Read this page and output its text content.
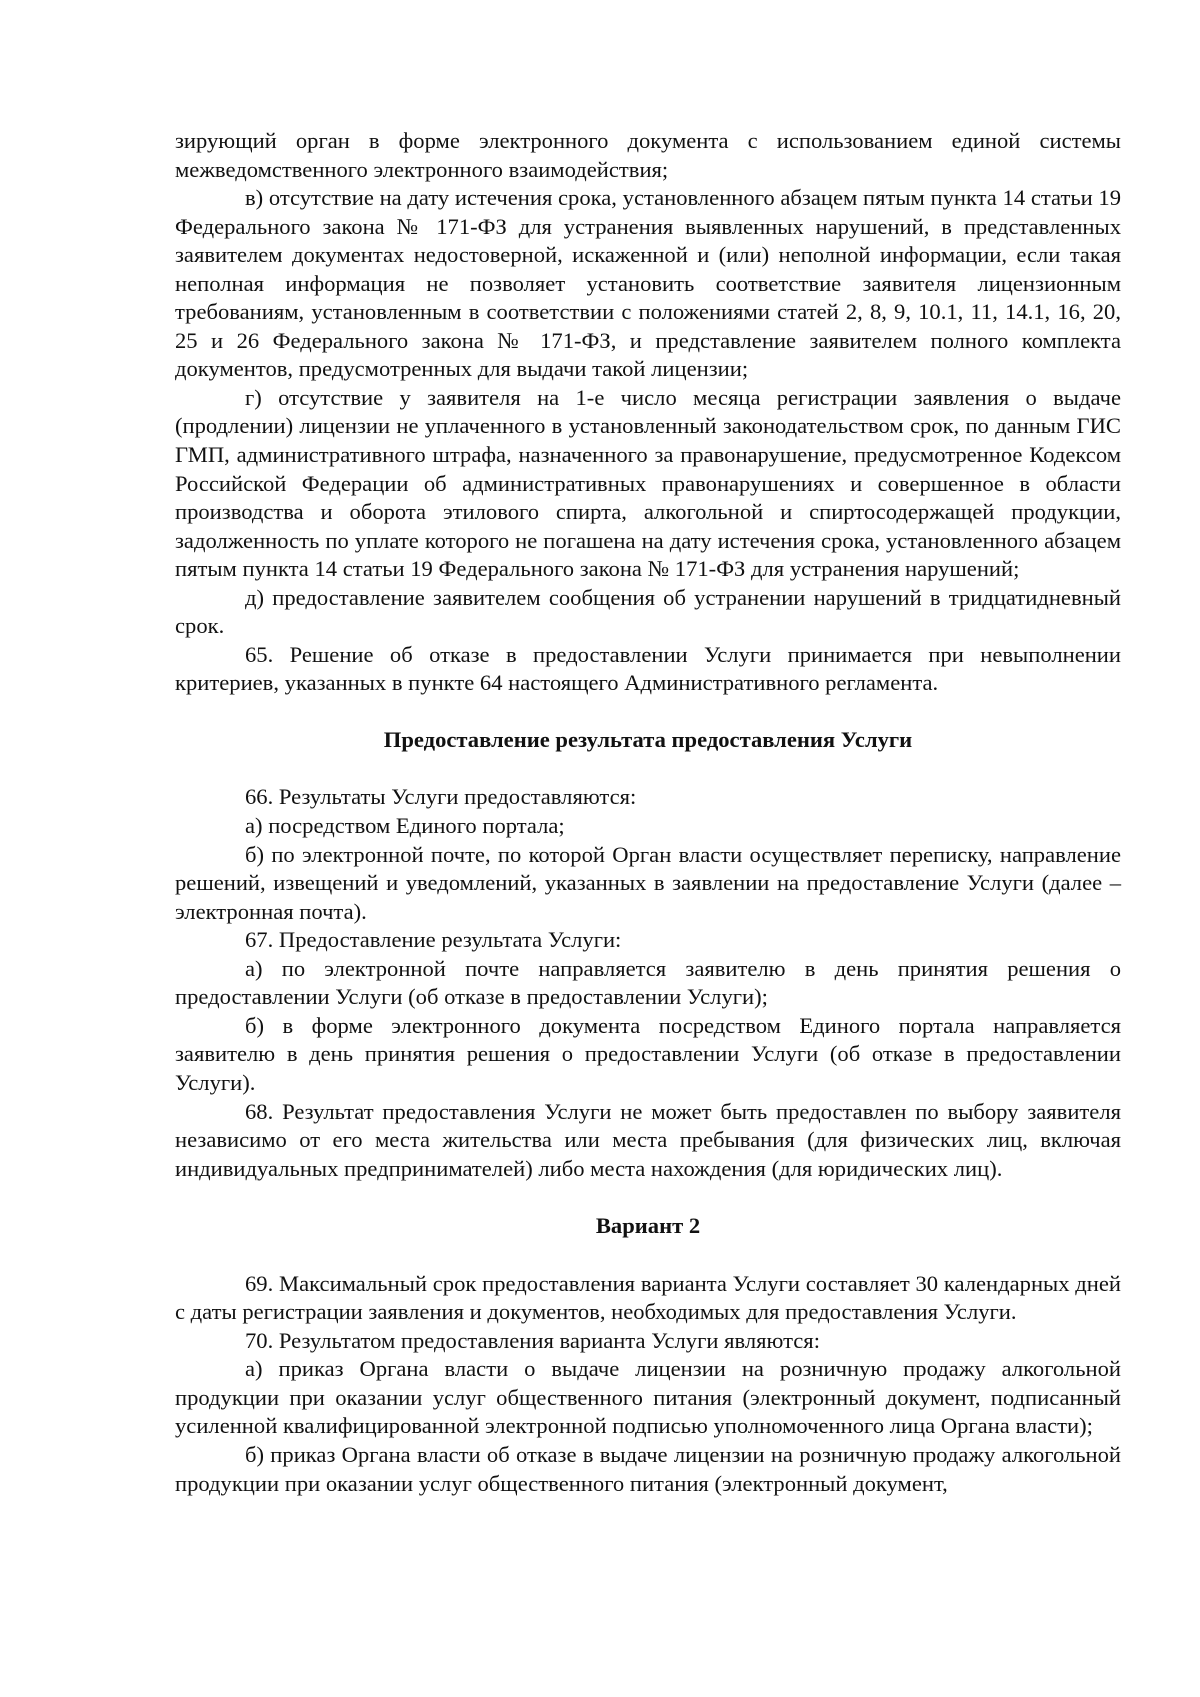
зирующий орган в форме электронного документа с использованием единой системы межведомственного электронного взаимодействия;

в) отсутствие на дату истечения срока, установленного абзацем пятым пункта 14 статьи 19 Федерального закона № 171-ФЗ для устранения выявленных нарушений, в представленных заявителем документах недостоверной, искаженной и (или) неполной информации, если такая неполная информация не позволяет установить соответствие заявителя лицензионным требованиям, установленным в соответствии с положениями статей 2, 8, 9, 10.1, 11, 14.1, 16, 20, 25 и 26 Федерального закона № 171-ФЗ, и представление заявителем полного комплекта документов, предусмотренных для выдачи такой лицензии;

г) отсутствие у заявителя на 1-е число месяца регистрации заявления о выдаче (продлении) лицензии не уплаченного в установленный законодательством срок, по данным ГИС ГМП, административного штрафа, назначенного за правонарушение, предусмотренное Кодексом Российской Федерации об административных правонарушениях и совершенное в области производства и оборота этилового спирта, алкогольной и спиртосодержащей продукции, задолженность по уплате которого не погашена на дату истечения срока, установленного абзацем пятым пункта 14 статьи 19 Федерального закона № 171-ФЗ для устранения нарушений;

д) предоставление заявителем сообщения об устранении нарушений в тридцатидневный срок.

65. Решение об отказе в предоставлении Услуги принимается при невыполнении критериев, указанных в пункте 64 настоящего Административного регламента.

Предоставление результата предоставления Услуги

66. Результаты Услуги предоставляются:

а) посредством Единого портала;

б) по электронной почте, по которой Орган власти осуществляет переписку, направление решений, извещений и уведомлений, указанных в заявлении на предоставление Услуги (далее – электронная почта).

67. Предоставление результата Услуги:

а) по электронной почте направляется заявителю в день принятия решения о предоставлении Услуги (об отказе в предоставлении Услуги);

б) в форме электронного документа посредством Единого портала направляется заявителю в день принятия решения о предоставлении Услуги (об отказе в предоставлении Услуги).

68. Результат предоставления Услуги не может быть предоставлен по выбору заявителя независимо от его места жительства или места пребывания (для физических лиц, включая индивидуальных предпринимателей) либо места нахождения (для юридических лиц).

Вариант 2

69. Максимальный срок предоставления варианта Услуги составляет 30 календарных дней с даты регистрации заявления и документов, необходимых для предоставления Услуги.

70. Результатом предоставления варианта Услуги являются:

а) приказ Органа власти о выдаче лицензии на розничную продажу алкогольной продукции при оказании услуг общественного питания (электронный документ, подписанный усиленной квалифицированной электронной подписью уполномоченного лица Органа власти);

б) приказ Органа власти об отказе в выдаче лицензии на розничную продажу алкогольной продукции при оказании услуг общественного питания (электронный документ,
